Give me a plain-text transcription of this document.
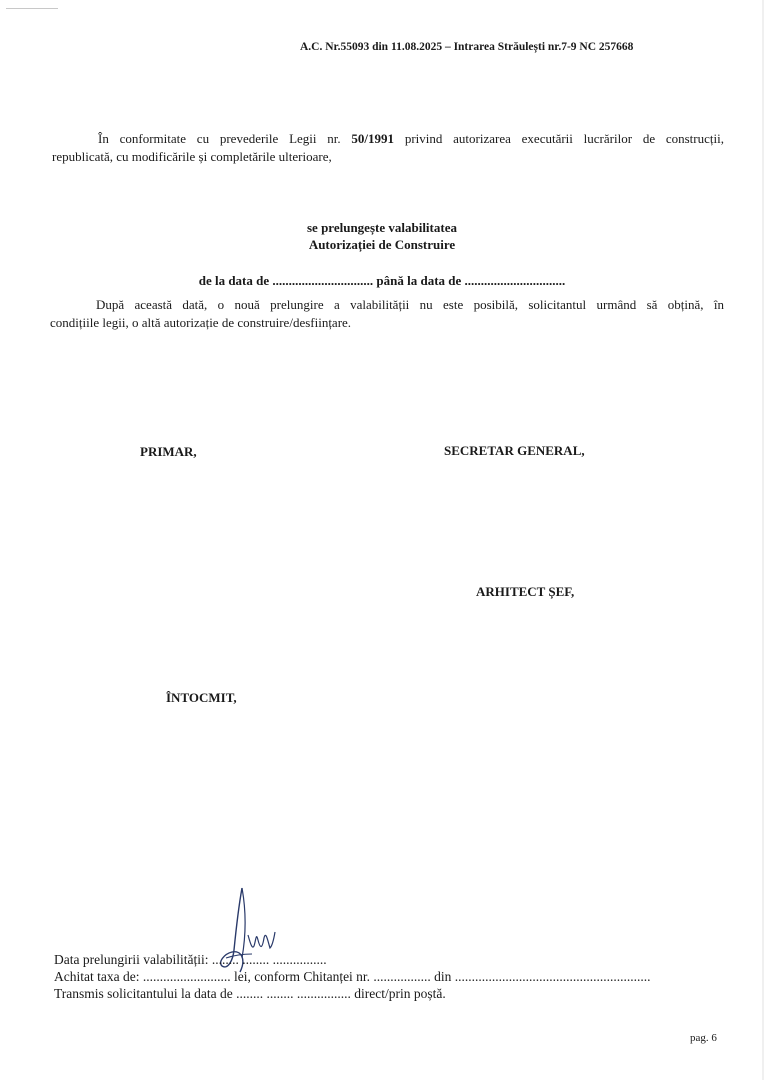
A.C. Nr.55093 din 11.08.2025 – Intrarea Străulești nr.7-9 NC 257668
În conformitate cu prevederile Legii nr. 50/1991 privind autorizarea executării lucrărilor de construcții,
republicată, cu modificările și completările ulterioare,
se prelungește valabilitatea
Autorizației de Construire
de la data de ............................... până la data de ...............................
După această dată, o nouă prelungire a valabilității nu este posibilă, solicitantul urmând să obțină, în
condițiile legii, o altă autorizație de construire/desființare.
PRIMAR,	SECRETAR GENERAL,
ARHITECT ȘEF,
ÎNTOCMIT,
Data prelungirii valabilității: ........ ........ ................
Achitat taxa de: .......................... lei, conform Chitanței nr. ................. din ..........................................................
Transmis solicitantului la data de ........ ........ ................ direct/prin poștă.
pag. 6
